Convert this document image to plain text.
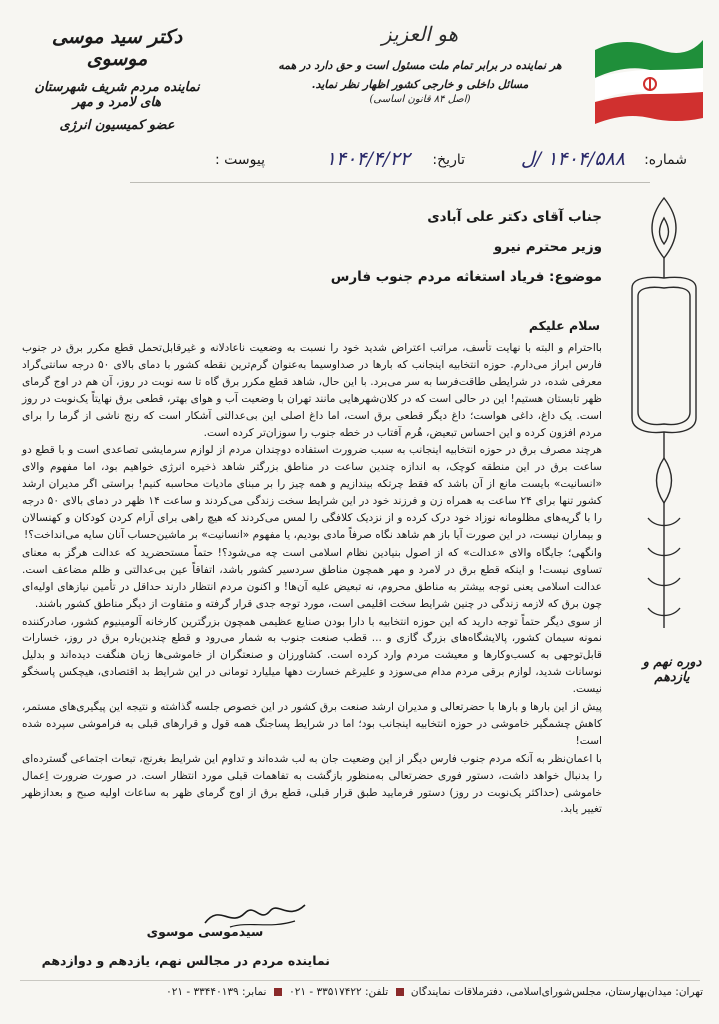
دکتر سید موسی موسوی
نماینده مردم شریف شهرستان های لامرد و مهر
عضو کمیسیون انرژی
هو العزیز
هر نماینده در برابر تمام ملت مسئول است و حق دارد در همه مسائل داخلی و خارجی کشور اظهار نظر نماید.
(اصل ۸۴ قانون اساسی)
شماره:
۱۴۰۴/۵۸۸ /ل
تاریخ:
۱۴۰۴/۴/۲۲
پیوست :
دوره نهم و یازدهم
جناب آقای دکتر علی آبادی
وزیر محترم نیرو
موضوع: فریاد استغاثه مردم جنوب فارس
سلام علیکم

بااحترام و البته با نهایت تأسف، مراتب اعتراض شدید خود را نسبت به وضعیت ناعادلانه و غیرقابل‌تحمل قطع مکرر برق در جنوب فارس ابراز می‌دارم. حوزه انتخابیه اینجانب که بارها در صداوسیما به‌عنوان گرم‌ترین نقطه کشور با دمای بالای ۵۰ درجه سانتی‌گراد معرفی شده، در شرایطی طاقت‌فرسا به سر می‌برد. با این حال، شاهد قطع مکرر برق گاه تا سه نوبت در روز، آن هم در اوج گرمای ظهر تابستان هستیم! این در حالی است که در کلان‌شهرهایی مانند تهران با وضعیت آب و هوای بهتر، قطعی برق نهایتاً یک‌نوبت در روز است. یک داغ، داغی هواست؛ داغ دیگر قطعی برق است، اما داغ اصلی این بی‌عدالتی آشکار است که رنج ناشی از گرما را برای مردم افزون کرده و این احساس تبعیض، هُرم آفتاب در خطه جنوب را سوزان‌تر کرده است.

هرچند مصرف برق در حوزه انتخابیه اینجانب به سبب ضرورت استفاده دوچندان مردم از لوازم سرمایشی تصاعدی است و با قطع دو ساعت برق در این منطقه کوچک، به اندازه چندین ساعت در مناطق بزرگتر شاهد ذخیره انرژی خواهیم بود، اما مفهوم والای «انسانیت» بایست مانع از آن باشد که فقط چرتکه بیندازیم و همه چیز را بر مبنای مادیات محاسبه کنیم! براستی اگر مدیران ارشد کشور تنها برای ۲۴ ساعت به همراه زن و فرزند خود در این شرایط سخت زندگی می‌کردند و ساعت ۱۴ ظهر در دمای بالای ۵۰ درجه را با گریه‌های مظلومانه نوزاد خود درک کرده و از نزدیک کلافگی را لمس می‌کردند که هیچ راهی برای آرام کردن کودکان و کهنسالان و بیماران نیست، در این صورت آیا باز هم شاهد نگاه صرفاً مادی بودیم، یا مفهوم «انسانیت» بر ماشین‌حساب آنان سایه می‌انداخت؟!

وانگهی؛ جایگاه والای «عدالت» که از اصول بنیادین نظام اسلامی است چه می‌شود؟! حتماً مستحضرید که عدالت هرگز به معنای تساوی نیست! و اینکه قطع برق در لامرد و مهر همچون مناطق سردسیر کشور باشد، اتفاقاً عین بی‌عدالتی و ظلم مضاعف است. عدالت اسلامی یعنی توجه بیشتر به مناطق محروم، نه تبعیض علیه آن‌ها! و اکنون مردم انتظار دارند حداقل در تأمین نیازهای اولیه‌ای چون برق که لازمه زندگی در چنین شرایط سخت اقلیمی است، مورد توجه جدی قرار گرفته و متفاوت از دیگر مناطق کشور باشند.

از سوی دیگر حتماً توجه دارید که این حوزه انتخابیه با دارا بودن صنایع عظیمی همچون بزرگترین کارخانه آلومینیوم کشور، صادرکننده نمونه سیمان کشور، پالایشگاه‌های بزرگ گازی و ... قطب صنعت جنوب به شمار می‌رود و قطع چندین‌باره برق در روز، خسارات قابل‌توجهی به کسب‌وکارها و معیشت مردم وارد کرده است. کشاورزان و صنعتگران از خاموشی‌ها زبان هنگفت دیده‌اند و بدلیل نوسانات شدید، لوازم برقی مردم مدام می‌سوزد و علیرغم خسارت دهها میلیارد تومانی در این شرایط بد اقتصادی، هیچکس پاسخگو نیست.

پیش از این بارها و بارها با حضرتعالی و مدیران ارشد صنعت برق کشور در این خصوص جلسه گذاشته و نتیجه این پیگیری‌های مستمر، کاهش چشمگیر خاموشی در حوزه انتخابیه اینجانب بود؛ اما در شرایط پساجنگ همه قول و قرارهای قبلی به فراموشی سپرده شده است!

با اعمان‌نظر به آنکه مردم جنوب فارس دیگر از این وضعیت جان به لب شده‌اند و تداوم این شرایط بغرنج، تبعات اجتماعی گسترده‌ای را بدنبال خواهد داشت، دستور فوری حضرتعالی به‌منظور بازگشت به تفاهمات قبلی مورد انتظار است. در صورت ضرورت اِعمال خاموشی (حداکثر یک‌نوبت در روز) دستور فرمایید طبق قرار قبلی، قطع برق از اوج گرمای ظهر به ساعات اولیه صبح و بعدازظهر تغییر یابد.

سیدموسی موسوی
نماینده مردم در مجالس نهم، یازدهم و دوازدهم
تهران: میدان‌بهارستان، مجلس‌شورای‌اسلامی، دفترملاقات نمایندگان  تلفن: ۳۳۵۱۷۴۲۲ - ۰۲۱  نمابر: ۳۳۴۴۰۱۳۹ - ۰۲۱
